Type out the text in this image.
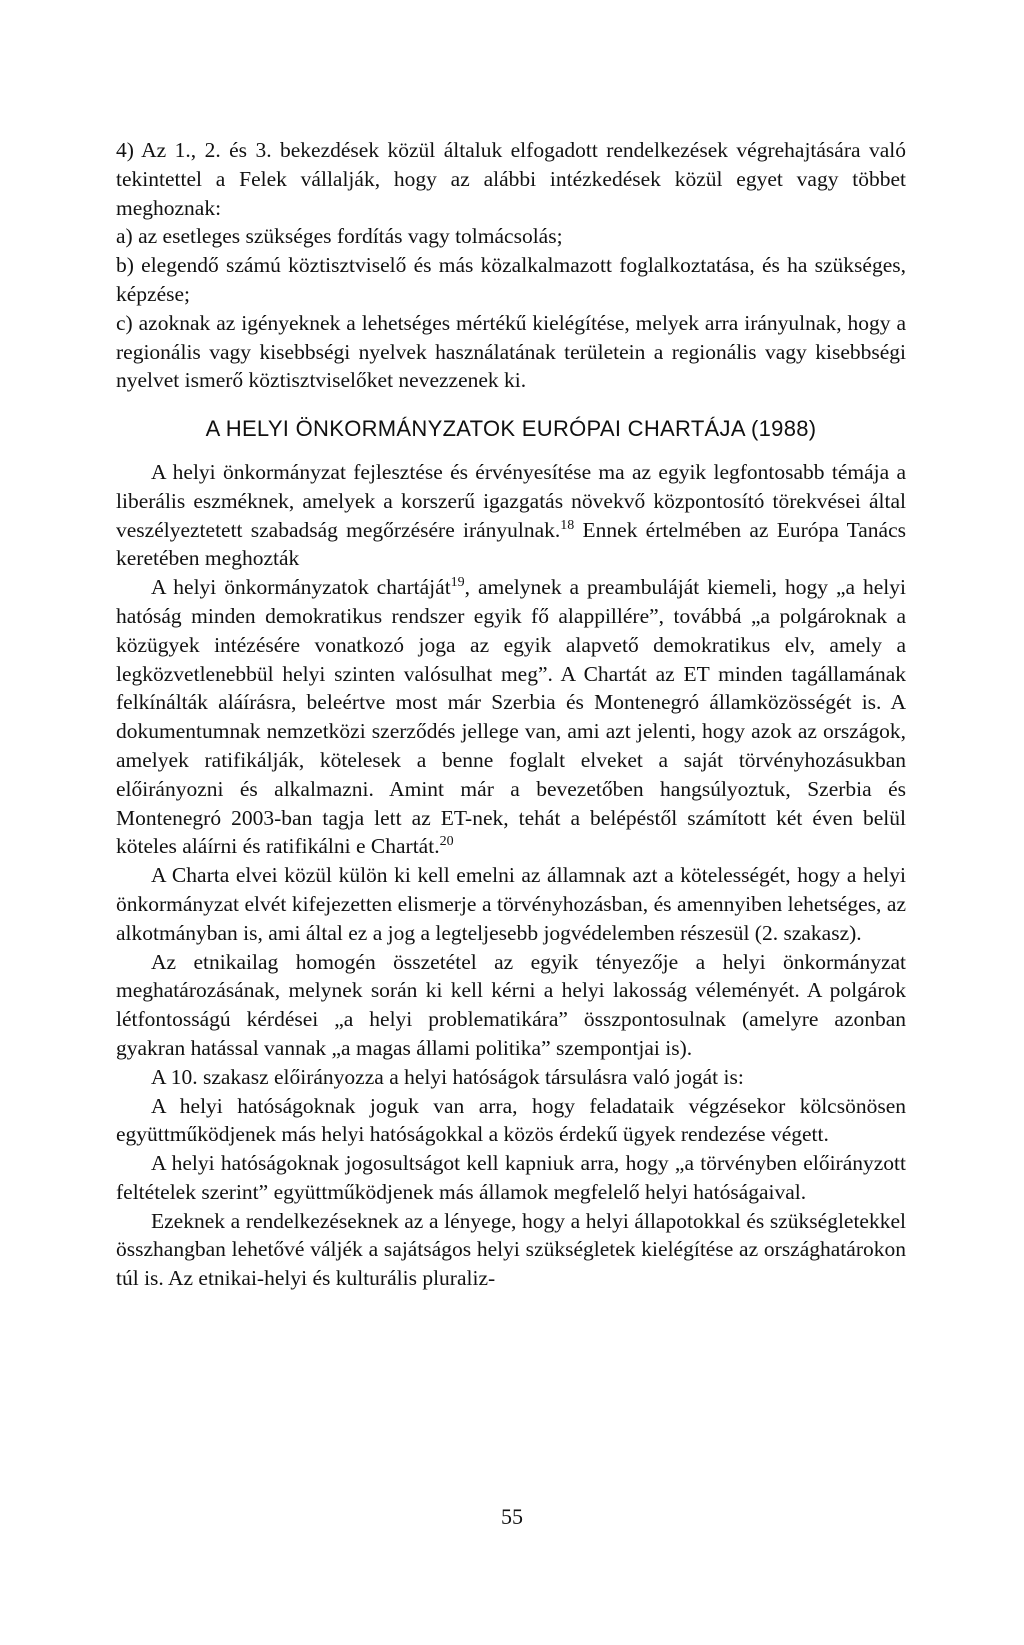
4) Az 1., 2. és 3. bekezdések közül általuk elfogadott rendelkezések végrehajtására való tekintettel a Felek vállalják, hogy az alábbi intézkedések közül egyet vagy többet meghoznak:

a) az esetleges szükséges fordítás vagy tolmácsolás;

b) elegendő számú köztisztviselő és más közalkalmazott foglalkoztatása, és ha szükséges, képzése;

c) azoknak az igényeknek a lehetséges mértékű kielégítése, melyek arra irányulnak, hogy a regionális vagy kisebbségi nyelvek használatának területein a regionális vagy kisebbségi nyelvet ismerő köztisztviselőket nevezzenek ki.

A HELYI ÖNKORMÁNYZATOK EURÓPAI CHARTÁJA (1988)

A helyi önkormányzat fejlesztése és érvényesítése ma az egyik legfontosabb témája a liberális eszméknek, amelyek a korszerű igazgatás növekvő központosító törekvései által veszélyeztetett szabadság megőrzésére irányulnak.$^{18}$ Ennek értelmében az Európa Tanács keretében meghozták

A helyi önkormányzatok chartáját$^{19}$, amelynek a preambuláját kiemeli, hogy „a helyi hatóság minden demokratikus rendszer egyik fő alappillére”, továbbá „a polgároknak a közügyek intézésére vonatkozó joga az egyik alapvető demokratikus elv, amely a legközvetlenebbül helyi szinten valósulhat meg”. A Chartát az ET minden tagállamának felkínálták aláírásra, beleértve most már Szerbia és Montenegró államközösségét is. A dokumentumnak nemzetközi szerződés jellege van, ami azt jelenti, hogy azok az országok, amelyek ratifikálják, kötelesek a benne foglalt elveket a saját törvényhozásukban előirányozni és alkalmazni. Amint már a bevezetőben hangsúlyoztuk, Szerbia és Montenegró 2003-ban tagja lett az ET-nek, tehát a belépéstől számított két éven belül köteles aláírni és ratifikálni e Chartát.$^{20}$

A Charta elvei közül külön ki kell emelni az államnak azt a kötelességét, hogy a helyi önkormányzat elvét kifejezetten elismerje a törvényhozásban, és amennyiben lehetséges, az alkotmányban is, ami által ez a jog a legteljesebb jogvédelemben részesül (2. szakasz).

Az etnikailag homogén összetétel az egyik tényezője a helyi önkormányzat meghatározásának, melynek során ki kell kérni a helyi lakosság véleményét. A polgárok létfontosságú kérdései „a helyi problematikára” összpontosulnak (amelyre azonban gyakran hatással vannak „a magas állami politika” szempontjai is).

A 10. szakasz előirányozza a helyi hatóságok társulásra való jogát is:

A helyi hatóságoknak joguk van arra, hogy feladataik végzésekor kölcsönösen együttműködjenek más helyi hatóságokkal a közös érdekű ügyek rendezése végett.

A helyi hatóságoknak jogosultságot kell kapniuk arra, hogy „a törvényben előirányzott feltételek szerint” együttműködjenek más államok megfelelő helyi hatóságaival.

Ezeknek a rendelkezéseknek az a lényege, hogy a helyi állapotokkal és szükségletekkel összhangban lehetővé váljék a sajátságos helyi szükségletek kielégítése az országhatárokon túl is. Az etnikai-helyi és kulturális pluraliz-

55
